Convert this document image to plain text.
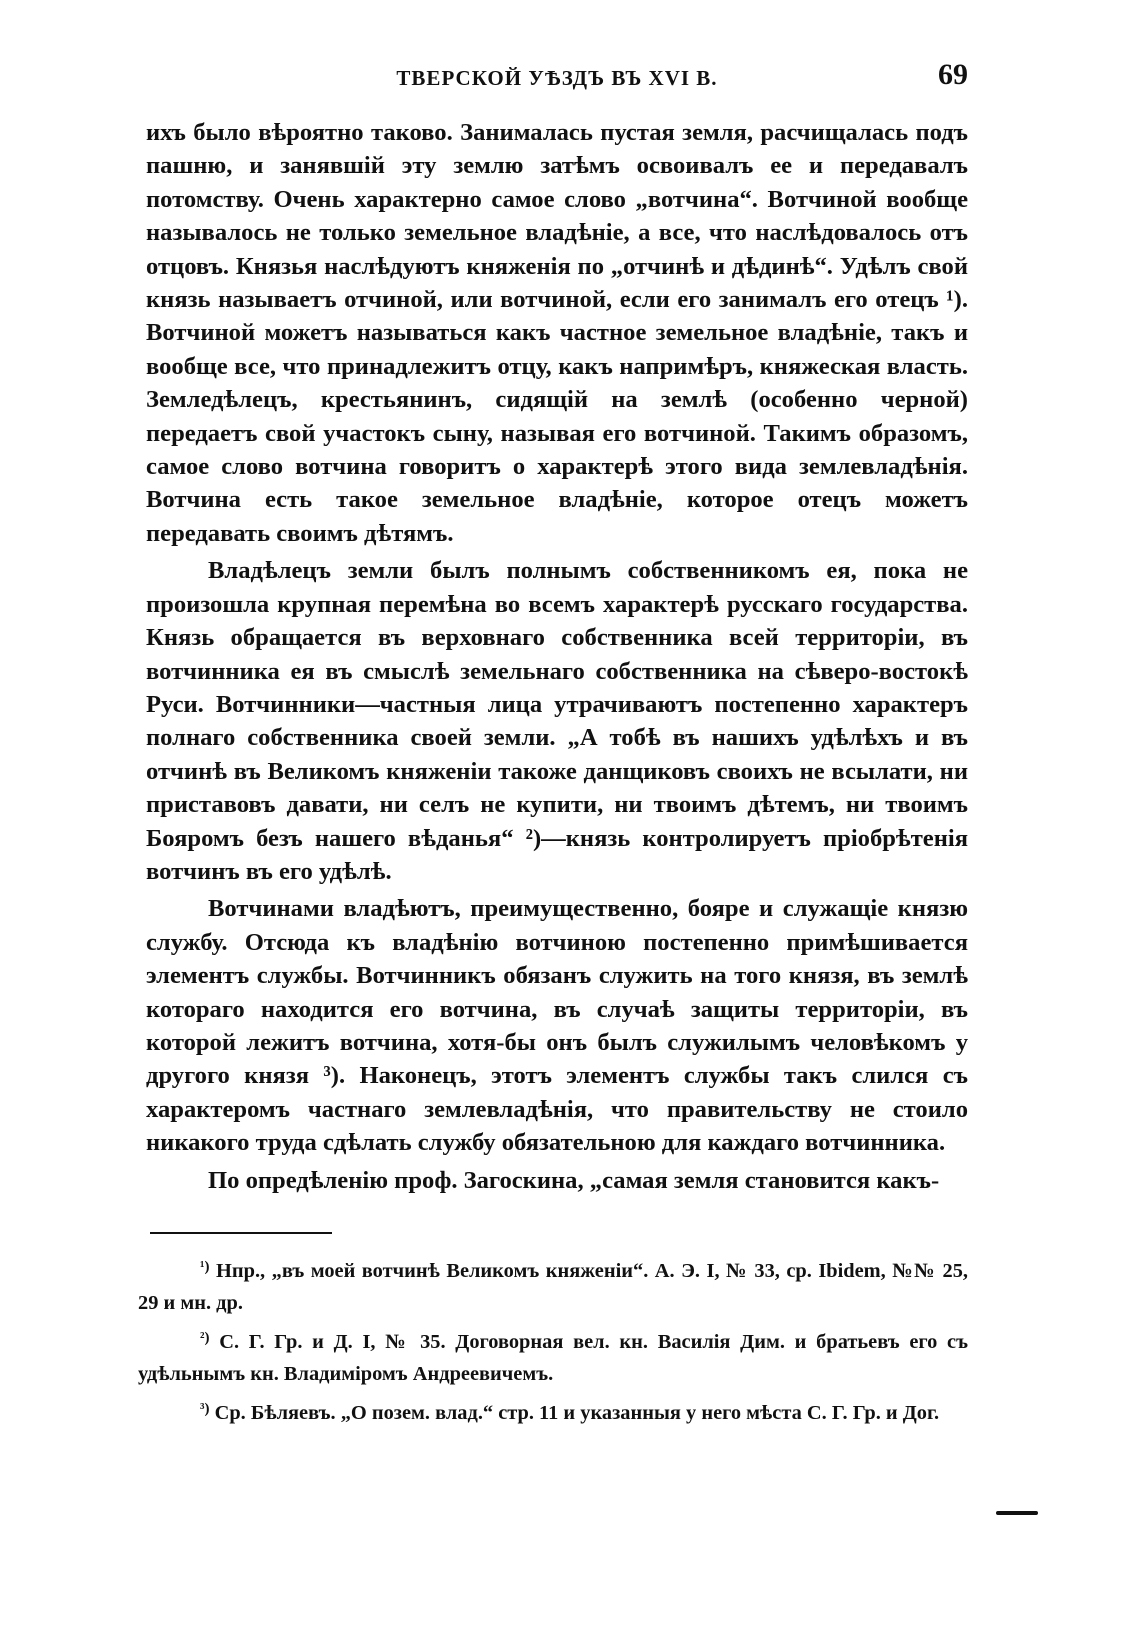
ТВЕРСКОЙ УѢЗДЪ ВЪ XVI В.	69

ихъ было вѣроятно таково. Занималась пустая земля, расчищалась подъ пашню, и занявшій эту землю затѣмъ освоивалъ ее и передавалъ потомству. Очень характерно самое слово „вотчина“. Вотчиной вообще называлось не только земельное владѣніе, а все, что наслѣдовалось отъ отцовъ. Князья наслѣдуютъ княженія по „отчинѣ и дѣдинѣ“. Удѣлъ свой князь называетъ отчиной, или вотчиной, если его занималъ его отецъ ¹). Вотчиной можетъ называться какъ частное земельное владѣніе, такъ и вообще все, что принадлежитъ отцу, какъ напримѣръ, княжеская власть. Земледѣлецъ, крестьянинъ, сидящій на землѣ (особенно черной) передаетъ свой участокъ сыну, называя его вотчиной. Такимъ образомъ, самое слово вотчина говоритъ о характерѣ этого вида землевладѣнія. Вотчина есть такое земельное владѣніе, которое отецъ можетъ передавать своимъ дѣтямъ.

Владѣлецъ земли былъ полнымъ собственникомъ ея, пока не произошла крупная перемѣна во всемъ характерѣ русскаго государства. Князь обращается въ верховнаго собственника всей территоріи, въ вотчинника ея въ смыслѣ земельнаго собственника на сѣверо-востокѣ Руси. Вотчинники—частныя лица утрачиваютъ постепенно характеръ полнаго собственника своей земли. „А тобѣ въ нашихъ удѣлѣхъ и въ отчинѣ въ Великомъ княженіи такоже данщиковъ своихъ не всылати, ни приставовъ давати, ни селъ не купити, ни твоимъ дѣтемъ, ни твоимъ Бояромъ безъ нашего вѣданья“ ²)—князь контролируетъ пріобрѣтенія вотчинъ въ его удѣлѣ.

Вотчинами владѣютъ, преимущественно, бояре и служащіе князю службу. Отсюда къ владѣнію вотчиною постепенно примѣшивается элементъ службы. Вотчинникъ обязанъ служить на того князя, въ землѣ котораго находится его вотчина, въ случаѣ защиты территоріи, въ которой лежитъ вотчина, хотя-бы онъ былъ служилымъ человѣкомъ у другого князя ³). Наконецъ, этотъ элементъ службы такъ слился съ характеромъ частнаго землевладѣнія, что правительству не стоило никакого труда сдѣлать службу обязательною для каждаго вотчинника.

По опредѣленію проф. Загоскина, „самая земля становится какъ-

$^{^1)}$ Нпр., „въ моей вотчинѣ Великомъ княженіи“. А. Э. I, № 33, ср. Ibidem, №№ 25, 29 и мн. др.

$^{^2)}$ С. Г. Гр. и Д. I, № 35. Договорная вел. кн. Василія Дим. и братьевъ его съ удѣльнымъ кн. Владиміромъ Андреевичемъ.

$^{^3)}$ Ср. Бѣляевъ. „О позем. влад.“ стр. 11 и указанныя у него мѣста С. Г. Гр. и Дог.
